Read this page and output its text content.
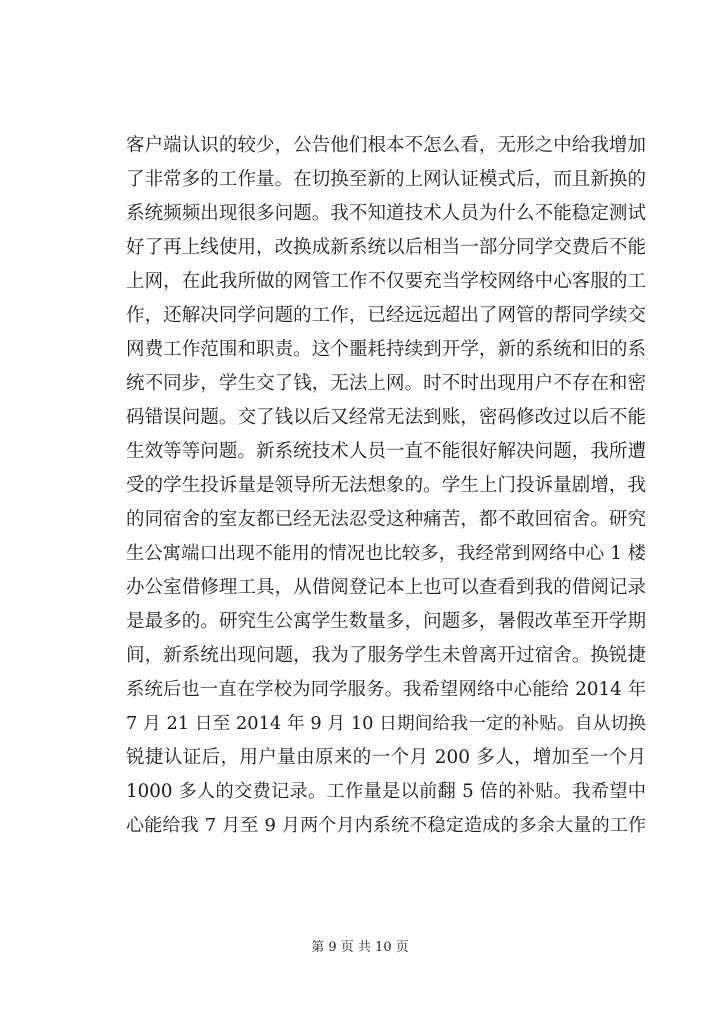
客户端认识的较少，公告他们根本不怎么看，无形之中给我增加
了非常多的工作量。在切换至新的上网认证模式后，而且新换的
系统频频出现很多问题。我不知道技术人员为什么不能稳定测试
好了再上线使用，改换成新系统以后相当一部分同学交费后不能
上网，在此我所做的网管工作不仅要充当学校网络中心客服的工
作，还解决同学问题的工作，已经远远超出了网管的帮同学续交
网费工作范围和职责。这个噩耗持续到开学，新的系统和旧的系
统不同步，学生交了钱，无法上网。时不时出现用户不存在和密
码错误问题。交了钱以后又经常无法到账，密码修改过以后不能
生效等等问题。新系统技术人员一直不能很好解决问题，我所遭
受的学生投诉量是领导所无法想象的。学生上门投诉量剧增，我
的同宿舍的室友都已经无法忍受这种痛苦，都不敢回宿舍。研究
生公寓端口出现不能用的情况也比较多，我经常到网络中心 1 楼
办公室借修理工具，从借阅登记本上也可以查看到我的借阅记录
是最多的。研究生公寓学生数量多，问题多，暑假改革至开学期
间，新系统出现问题，我为了服务学生未曾离开过宿舍。换锐捷
系统后也一直在学校为同学服务。我希望网络中心能给 2014 年
7 月 21 日至 2014 年 9 月 10 日期间给我一定的补贴。自从切换
锐捷认证后，用户量由原来的一个月 200 多人，增加至一个月
1000 多人的交费记录。工作量是以前翻 5 倍的补贴。我希望中
心能给我 7 月至 9 月两个月内系统不稳定造成的多余大量的工作
第 9 页 共 10 页
